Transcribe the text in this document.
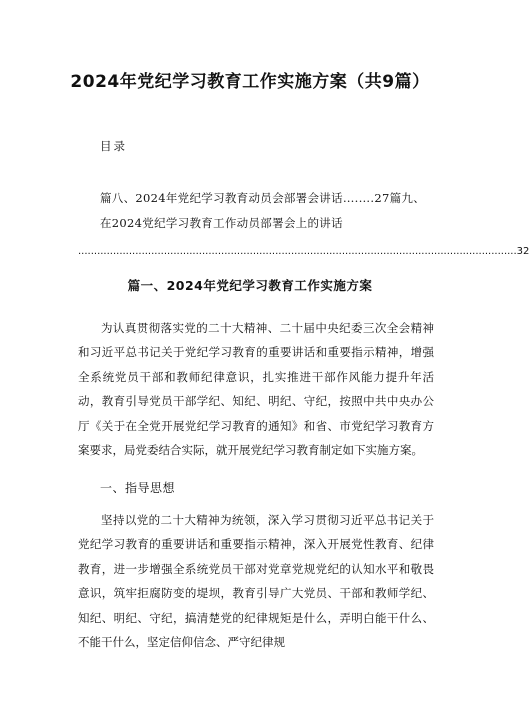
2024年党纪学习教育工作实施方案（共9篇）
目录
篇八、2024年党纪学习教育动员会部署会讲话….….27篇九、在2024党纪学习教育工作动员部署会上的讲话
..........................................................................................................................................32
篇一、2024年党纪学习教育工作实施方案

为认真贯彻落实党的二十大精神、二十届中央纪委三次全会精神和习近平总书记关于党纪学习教育的重要讲话和重要指示精神，增强全系统党员干部和教师纪律意识，扎实推进干部作风能力提升年活动，教育引导党员干部学纪、知纪、明纪、守纪，按照中共中央办公厅《关于在全党开展党纪学习教育的通知》和省、市党纪学习教育方案要求，局党委结合实际，就开展党纪学习教育制定如下实施方案。

一、指导思想

坚持以党的二十大精神为统领，深入学习贯彻习近平总书记关于党纪学习教育的重要讲话和重要指示精神，深入开展党性教育、纪律教育，进一步增强全系统党员干部对党章党规党纪的认知水平和敬畏意识，筑牢拒腐防变的堤坝，教育引导广大党员、干部和教师学纪、知纪、明纪、守纪，搞清楚党的纪律规矩是什么，弄明白能干什么、不能干什么，坚定信仰信念、严守纪律规
